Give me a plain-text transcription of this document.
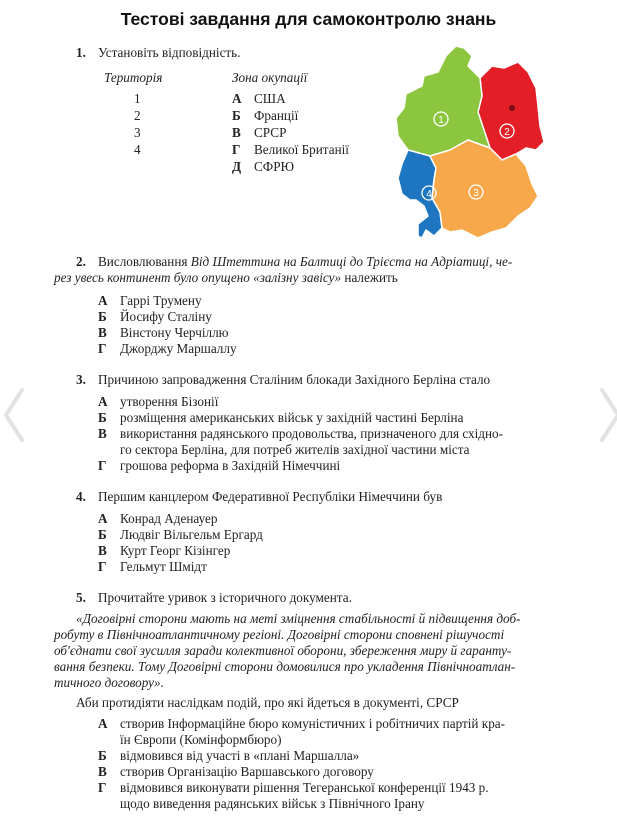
Тестові завдання для самоконтролю знань
1. Установіть відповідність.
Територія	Зона окупації
1
2
3
4
А США
Б Франції
В СРСР
Г Великої Британії
Д СФРЮ
1
2
3
4
2. Висловлювання Від Штеттина на Балтиці до Трієста на Адріатиці, че-
рез увесь континент було опущено «залізну завісу» належить
А Гаррі Трумену
Б Йосифу Сталіну
В Вінстону Черчіллю
Г Джорджу Маршаллу
3. Причиною запровадження Сталіним блокади Західного Берліна стало
А утворення Бізонії
Б розміщення американських військ у західній частині Берліна
В використання радянського продовольства, призначеного для східно-
го сектора Берліна, для потреб жителів західної частини міста
Г грошова реформа в Західній Німеччині
4. Першим канцлером Федеративної Республіки Німеччини був
А Конрад Аденауер
Б Людвіг Вільгельм Ергард
В Курт Георг Кізінгер
Г Гельмут Шмідт
5. Прочитайте уривок з історичного документа.
«Договірні сторони мають на меті зміцнення стабільності й підвищення доб-
робуту в Північноатлантичному регіоні. Договірні сторони сповнені рішучості
об'єднати свої зусилля заради колективної оборони, збереження миру й гаранту-
вання безпеки. Тому Договірні сторони домовилися про укладення Північноатлан-
тичного договору».
Аби протидіяти наслідкам подій, про які йдеться в документі, СРСР
А створив Інформаційне бюро комуністичних і робітничих партій кра-
їн Європи (Комінформбюро)
Б відмовився від участі в «плані Маршалла»
В створив Організацію Варшавського договору
Г відмовився виконувати рішення Тегеранської конференції 1943 р.
щодо виведення радянських військ з Північного Ірану
